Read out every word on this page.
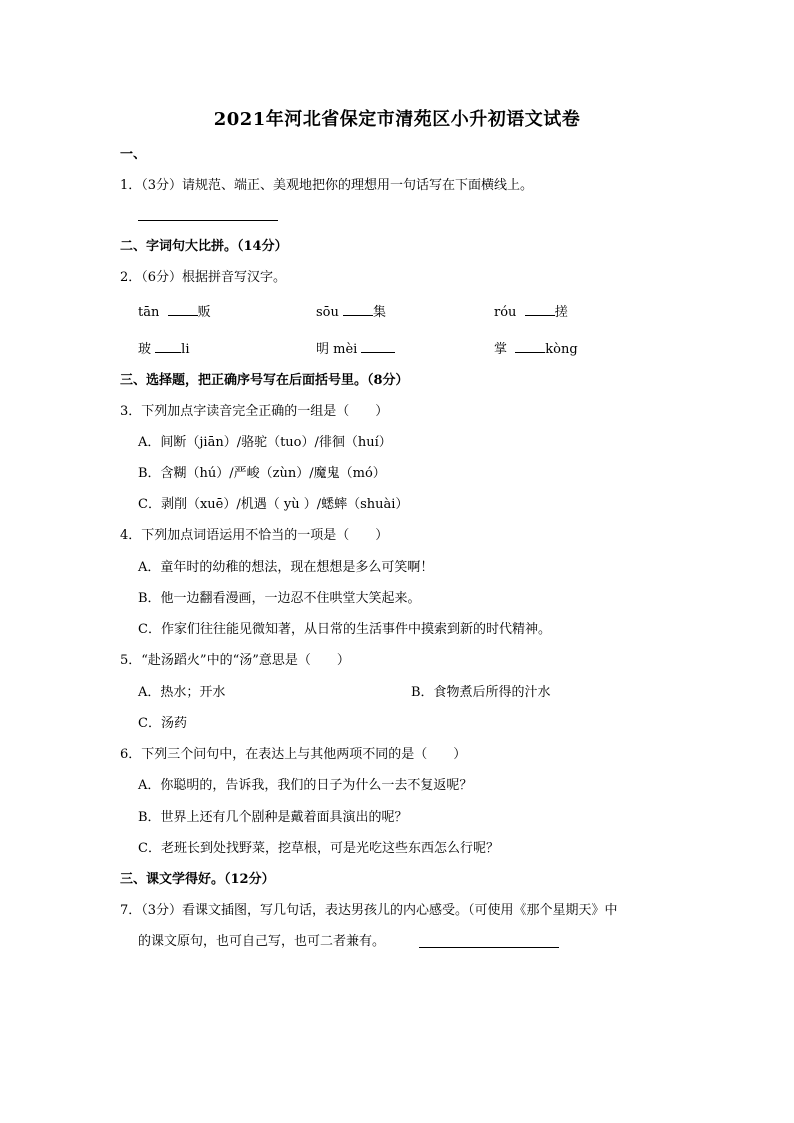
2021年河北省保定市清苑区小升初语文试卷
一、
1．（3分）请规范、端正、美观地把你的理想用一句话写在下面横线上。
二、字词句大比拼。（14分）
2．（6分）根据拼音写汉字。
tān	贩	sōu	集	róu	搓
玻 li	明 mèi	掌	kòng
三、选择题，把正确序号写在后面括号里。（8分）
3．下列加点字读音完全正确的一组是（　　）
A．间断（jiān）/骆驼（tuo）/徘徊（huí）
B．含糊（hú）/严峻（zùn）/魔鬼（mó）
C．剥削（xuē）/机遇（ yù ）/蟋蟀（shuài）
4．下列加点词语运用不恰当的一项是（　　）
A．童年时的幼稚的想法，现在想想是多么可笑啊！
B．他一边翻看漫画，一边忍不住哄堂大笑起来。
C．作家们往往能见微知著，从日常的生活事件中摸索到新的时代精神。
5．“赴汤蹈火”中的“汤”意思是（　　）
A．热水；开水	B．食物煮后所得的汁水
C．汤药
6．下列三个问句中，在表达上与其他两项不同的是（　　）
A．你聪明的，告诉我，我们的日子为什么一去不复返呢？
B．世界上还有几个剧种是戴着面具演出的呢？
C．老班长到处找野菜，挖草根，可是光吃这些东西怎么行呢？
三、课文学得好。（12分）
7．（3分）看课文插图，写几句话，表达男孩儿的内心感受。（可使用《那个星期天》中
的课文原句，也可自己写，也可二者兼有。
